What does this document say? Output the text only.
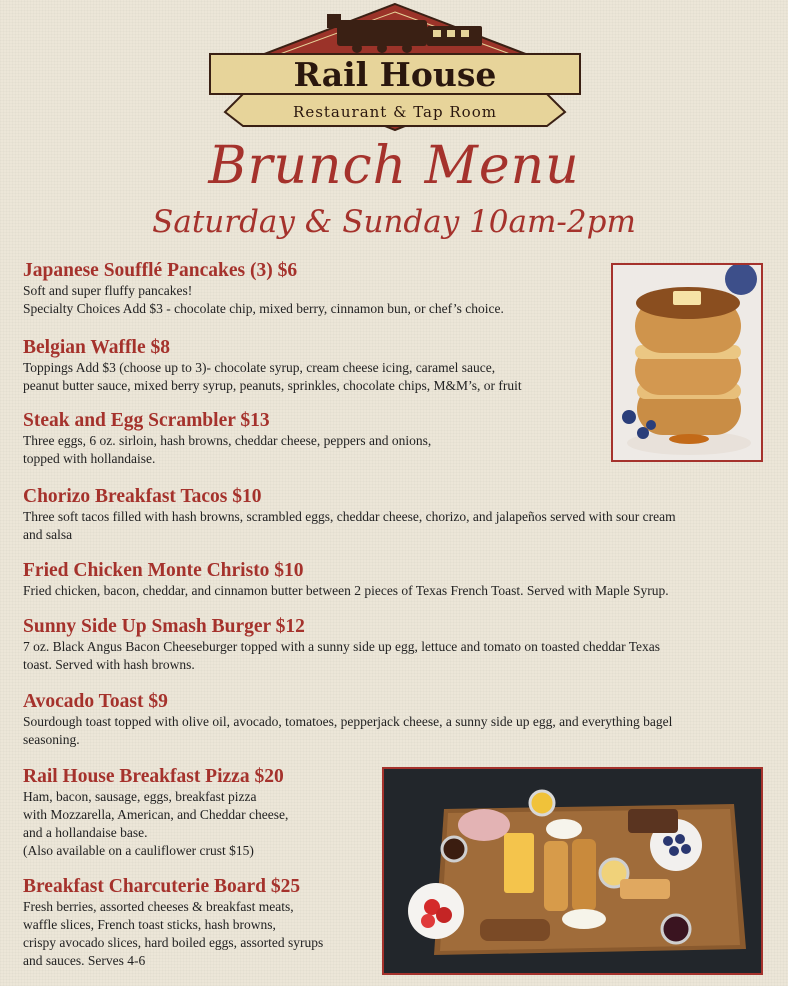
Rail House
Restaurant & Tap Room
Brunch Menu
Saturday & Sunday 10am-2pm
Japanese Soufflé Pancakes (3) $6

Soft and super fluffy pancakes!

Specialty Choices Add $3 - chocolate chip, mixed berry, cinnamon bun, or chef’s choice.

Belgian Waffle $8

Toppings Add $3 (choose up to 3)- chocolate syrup, cream cheese icing, caramel sauce,

peanut butter sauce, mixed berry syrup, peanuts, sprinkles, chocolate chips, M&M’s, or fruit

Steak and Egg Scrambler $13

Three eggs, 6 oz. sirloin, hash browns, cheddar cheese, peppers and onions,

topped with hollandaise.

Chorizo Breakfast Tacos $10

Three soft tacos filled with hash browns, scrambled eggs, cheddar cheese, chorizo, and jalapeños served with sour cream

and salsa

Fried Chicken Monte Christo $10

Fried chicken, bacon, cheddar, and cinnamon butter between 2 pieces of Texas French Toast. Served with Maple Syrup.

Sunny Side Up Smash Burger $12

7 oz. Black Angus Bacon Cheeseburger topped with a sunny side up egg, lettuce and tomato on toasted cheddar Texas

toast. Served with hash browns.

Avocado Toast $9

Sourdough toast topped with olive oil, avocado, tomatoes, pepperjack cheese, a sunny side up egg, and everything bagel

seasoning.

Rail House Breakfast Pizza $20

Ham, bacon, sausage, eggs, breakfast pizza

with Mozzarella, American, and Cheddar cheese,

and a hollandaise base.

(Also available on a cauliflower crust $15)

Breakfast Charcuterie Board $25

Fresh berries, assorted cheeses & breakfast meats,

waffle slices, French toast sticks, hash browns,

crispy avocado slices, hard boiled eggs, assorted syrups

and sauces. Serves 4-6
